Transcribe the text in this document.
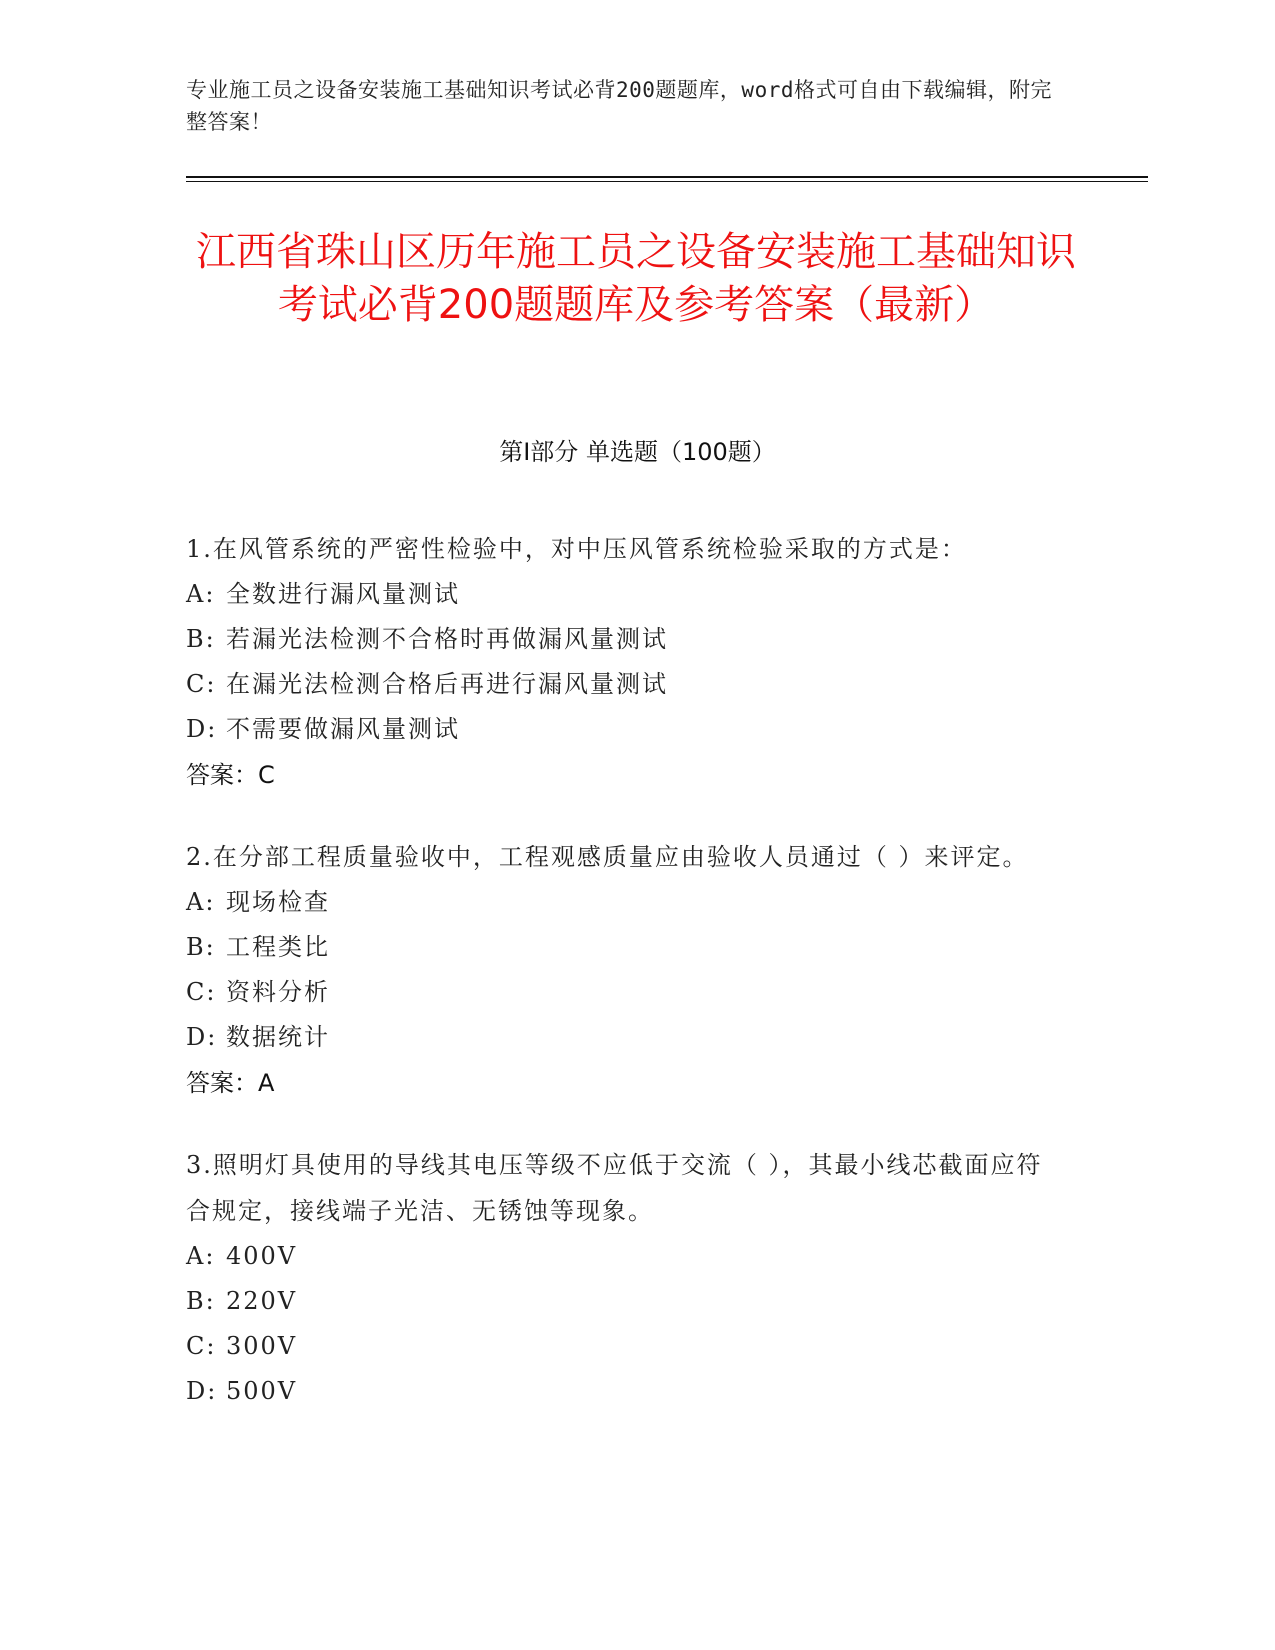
专业施工员之设备安装施工基础知识考试必背200题题库，word格式可自由下载编辑，附完整答案！
江西省珠山区历年施工员之设备安装施工基础知识考试必背200题题库及参考答案（最新）
第Ⅰ部分 单选题（100题）
1.在风管系统的严密性检验中，对中压风管系统检验采取的方式是：
A: 全数进行漏风量测试
B: 若漏光法检测不合格时再做漏风量测试
C: 在漏光法检测合格后再进行漏风量测试
D: 不需要做漏风量测试
答案：C
2.在分部工程质量验收中，工程观感质量应由验收人员通过（ ）来评定。
A: 现场检查
B: 工程类比
C: 资料分析
D: 数据统计
答案：A
3.照明灯具使用的导线其电压等级不应低于交流（ ），其最小线芯截面应符合规定，接线端子光洁、无锈蚀等现象。
A: 400V
B: 220V
C: 300V
D: 500V
